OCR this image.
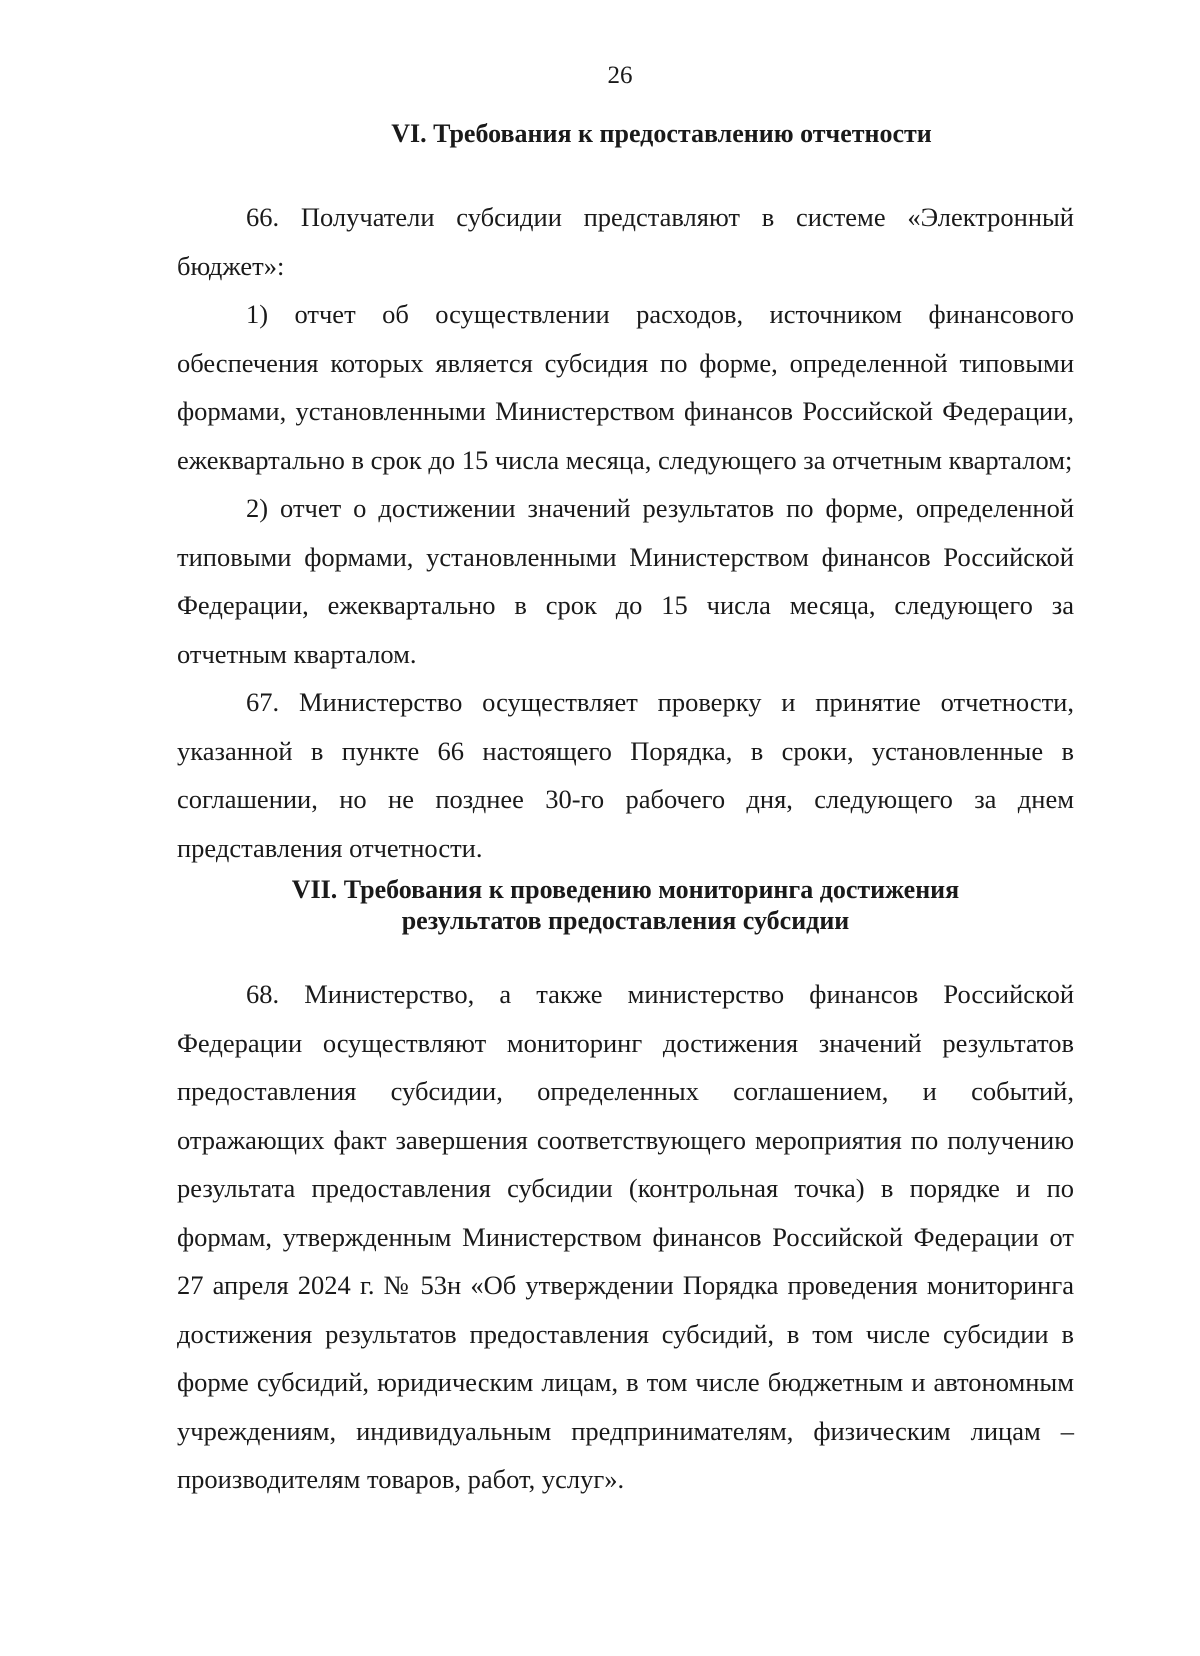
26
VI. Требования к предоставлению отчетности

66. Получатели субсидии представляют в системе «Электронный бюджет»:

1) отчет об осуществлении расходов, источником финансового обеспечения которых является субсидия по форме, определенной типовыми формами, установленными Министерством финансов Российской Федерации, ежеквартально в срок до 15 числа месяца, следующего за отчетным кварталом;

2) отчет о достижении значений результатов по форме, определенной типовыми формами, установленными Министерством финансов Российской Федерации, ежеквартально в срок до 15 числа месяца, следующего за отчетным кварталом.

67. Министерство осуществляет проверку и принятие отчетности, указанной в пункте 66 настоящего Порядка, в сроки, установленные в соглашении, но не позднее 30-го рабочего дня, следующего за днем представления отчетности.

VII. Требования к проведению мониторинга достижения
результатов предоставления субсидии

68. Министерство, а также министерство финансов Российской Федерации осуществляют мониторинг достижения значений результатов предоставления субсидии, определенных соглашением, и событий, отражающих факт завершения соответствующего мероприятия по получению результата предоставления субсидии (контрольная точка) в порядке и по формам, утвержденным Министерством финансов Российской Федерации от 27 апреля 2024 г. № 53н «Об утверждении Порядка проведения мониторинга достижения результатов предоставления субсидий, в том числе субсидии в форме субсидий, юридическим лицам, в том числе бюджетным и автономным учреждениям, индивидуальным предпринимателям, физическим лицам – производителям товаров, работ, услуг».
